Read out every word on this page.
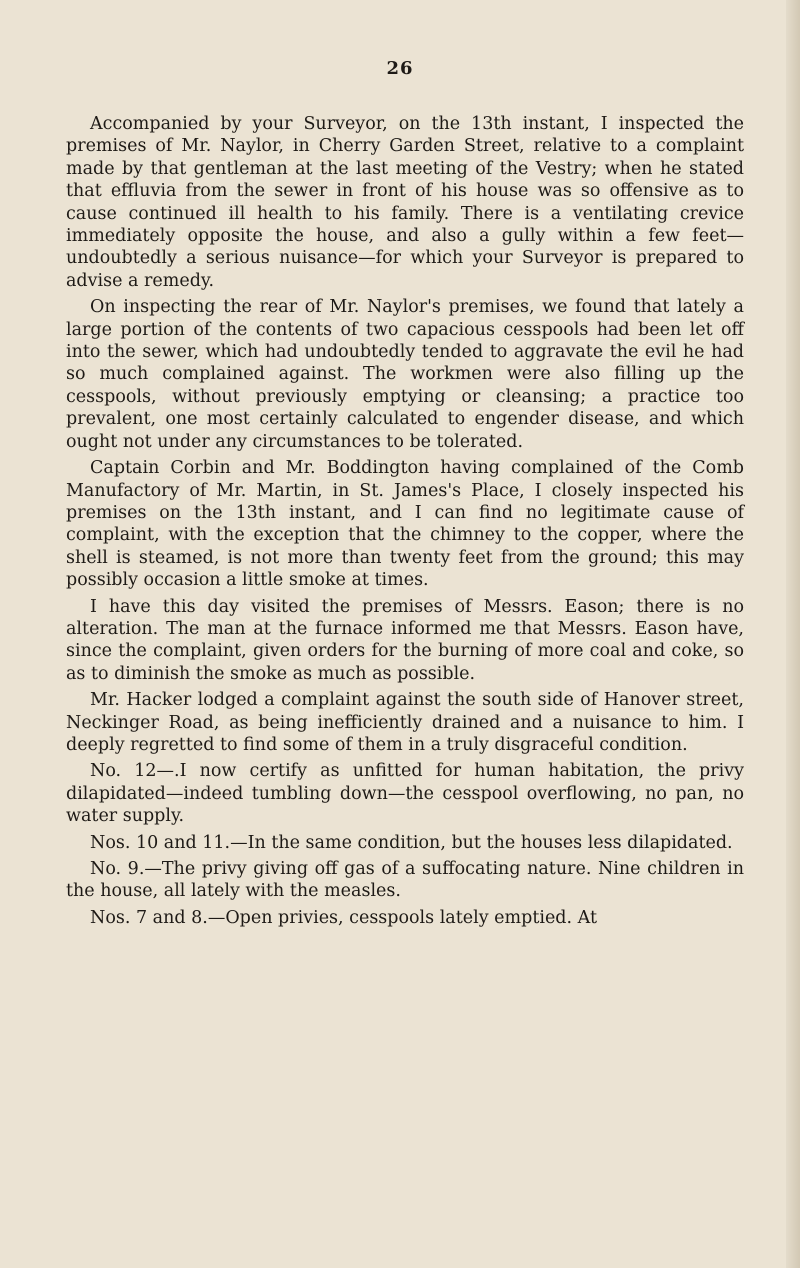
26

Accompanied by your Surveyor, on the 13th instant, I inspected the premises of Mr. Naylor, in Cherry Garden Street, relative to a complaint made by that gentleman at the last meeting of the Vestry; when he stated that effluvia from the sewer in front of his house was so offensive as to cause continued ill health to his family. There is a ventilating crevice immediately opposite the house, and also a gully within a few feet—undoubtedly a serious nuisance—for which your Surveyor is prepared to advise a remedy.

On inspecting the rear of Mr. Naylor's premises, we found that lately a large portion of the contents of two capacious cesspools had been let off into the sewer, which had undoubtedly tended to aggravate the evil he had so much complained against. The workmen were also filling up the cesspools, without previously emptying or cleansing; a practice too prevalent, one most certainly calculated to engender disease, and which ought not under any circumstances to be tolerated.

Captain Corbin and Mr. Boddington having complained of the Comb Manufactory of Mr. Martin, in St. James's Place, I closely inspected his premises on the 13th instant, and I can find no legitimate cause of complaint, with the exception that the chimney to the copper, where the shell is steamed, is not more than twenty feet from the ground; this may possibly occasion a little smoke at times.

I have this day visited the premises of Messrs. Eason; there is no alteration. The man at the furnace informed me that Messrs. Eason have, since the complaint, given orders for the burning of more coal and coke, so as to diminish the smoke as much as possible.

Mr. Hacker lodged a complaint against the south side of Hanover street, Neckinger Road, as being inefficiently drained and a nuisance to him. I deeply regretted to find some of them in a truly disgraceful condition.

No. 12—.I now certify as unfitted for human habitation, the privy dilapidated—indeed tumbling down—the cesspool overflowing, no pan, no water supply.

Nos. 10 and 11.—In the same condition, but the houses less dilapidated.

No. 9.—The privy giving off gas of a suffocating nature. Nine children in the house, all lately with the measles.

Nos. 7 and 8.—Open privies, cesspools lately emptied. At
